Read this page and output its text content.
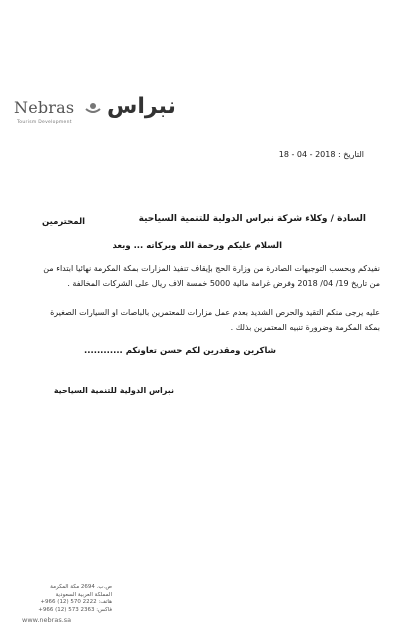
Nebras
Tourism Development
نبراس
التاريخ : 18 - 04 - 2018
المحترمين	السادة / وكلاء شركة نبراس الدولية للتنمية السياحية
السلام عليكم ورحمة الله وبركاته ... وبعد
نفيدكم وبحسب التوجيهات الصادرة من وزارة الحج بإيقاف تنفيذ المزارات بمكة المكرمة نهائيا ابتداء من من تاريخ 19/ 04/ 2018 وفرض غرامة مالية 5000 خمسة الاف ريال على الشركات المخالفة .
عليه يرجى منكم التقيد والحرص الشديد بعدم عمل مزارات للمعتمرين بالباصات او السيارات الصغيرة بمكة المكرمة وضرورة تنبيه المعتمرين بذلك .
شاكرين ومقدرين لكم حسن تعاونكم ............
نبراس الدولية للتنمية السياحية
ص.ب. 2694 مكة المكرمة
المملكة العربية السعودية
هاتف: 2222 570 (12) 966+
فاكس: 2363 573 (12) 966+
www.nebras.sa
